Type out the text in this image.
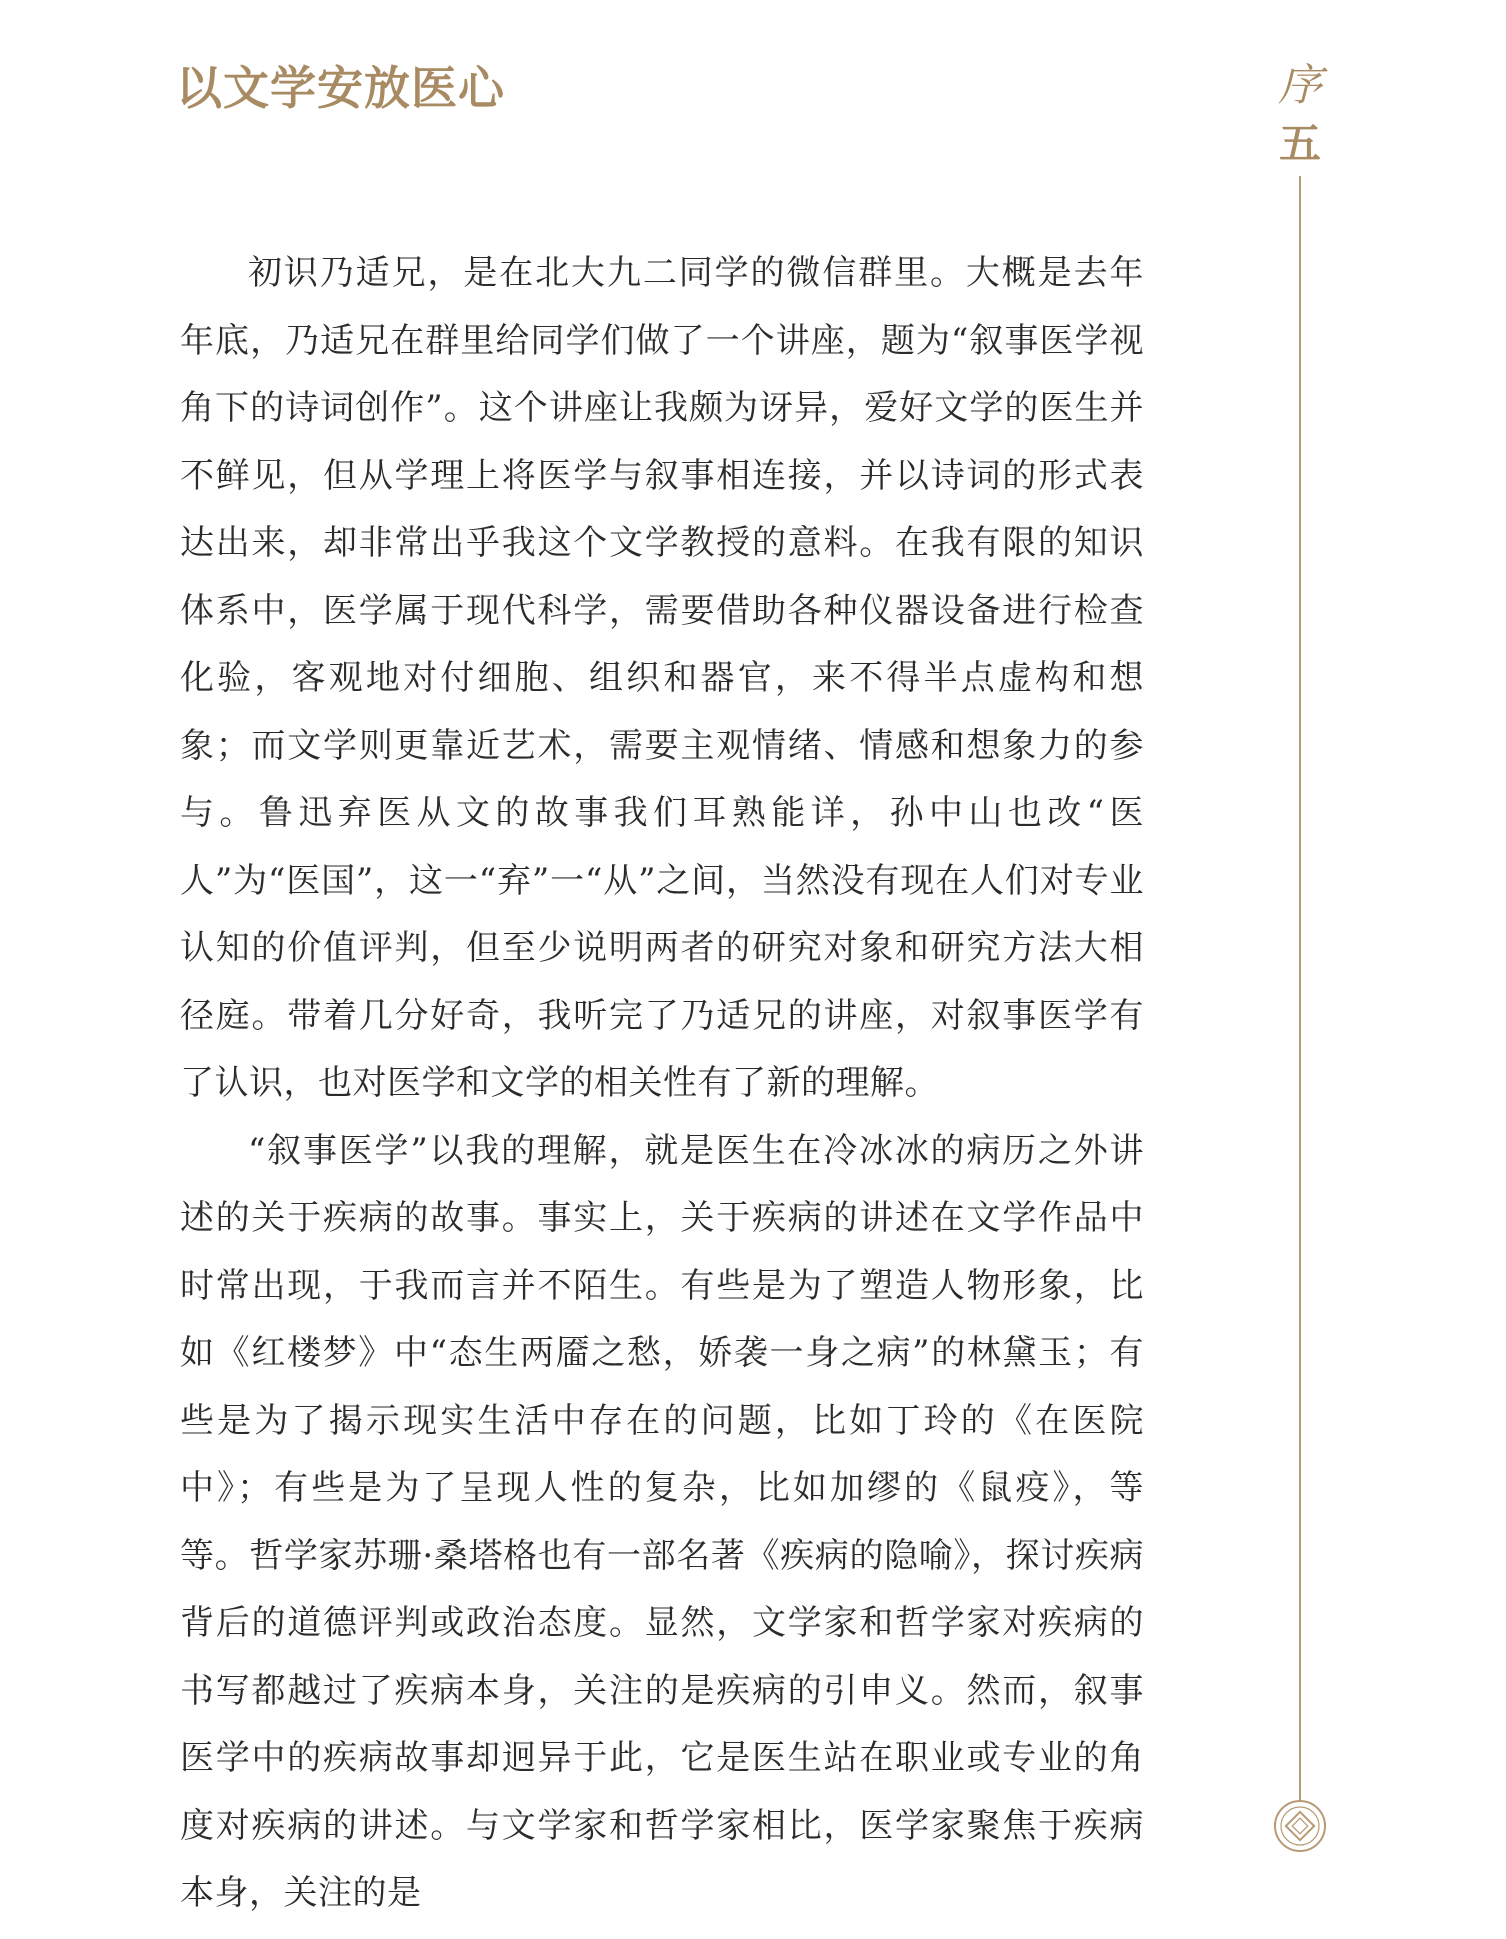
以文学安放医心	序
五

初识乃适兄，是在北大九二同学的微信群里。大概是去年年底，乃适兄在群里给同学们做了一个讲座，题为“叙事医学视角下的诗词创作”。这个讲座让我颇为讶异，爱好文学的医生并不鲜见，但从学理上将医学与叙事相连接，并以诗词的形式表达出来，却非常出乎我这个文学教授的意料。在我有限的知识体系中，医学属于现代科学，需要借助各种仪器设备进行检查化验，客观地对付细胞、组织和器官，来不得半点虚构和想象；而文学则更靠近艺术，需要主观情绪、情感和想象力的参与。鲁迅弃医从文的故事我们耳熟能详，孙中山也改“医人”为“医国”，这一“弃”一“从”之间，当然没有现在人们对专业认知的价值评判，但至少说明两者的研究对象和研究方法大相径庭。带着几分好奇，我听完了乃适兄的讲座，对叙事医学有了认识，也对医学和文学的相关性有了新的理解。

“叙事医学”以我的理解，就是医生在冷冰冰的病历之外讲述的关于疾病的故事。事实上，关于疾病的讲述在文学作品中时常出现，于我而言并不陌生。有些是为了塑造人物形象，比如《红楼梦》中“态生两靥之愁，娇袭一身之病”的林黛玉；有些是为了揭示现实生活中存在的问题，比如丁玲的《在医院中》；有些是为了呈现人性的复杂，比如加缪的《鼠疫》，等等。哲学家苏珊·桑塔格也有一部名著《疾病的隐喻》，探讨疾病背后的道德评判或政治态度。显然，文学家和哲学家对疾病的书写都越过了疾病本身，关注的是疾病的引申义。然而，叙事医学中的疾病故事却迥异于此，它是医生站在职业或专业的角度对疾病的讲述。与文学家和哲学家相比，医学家聚焦于疾病本身，关注的是
